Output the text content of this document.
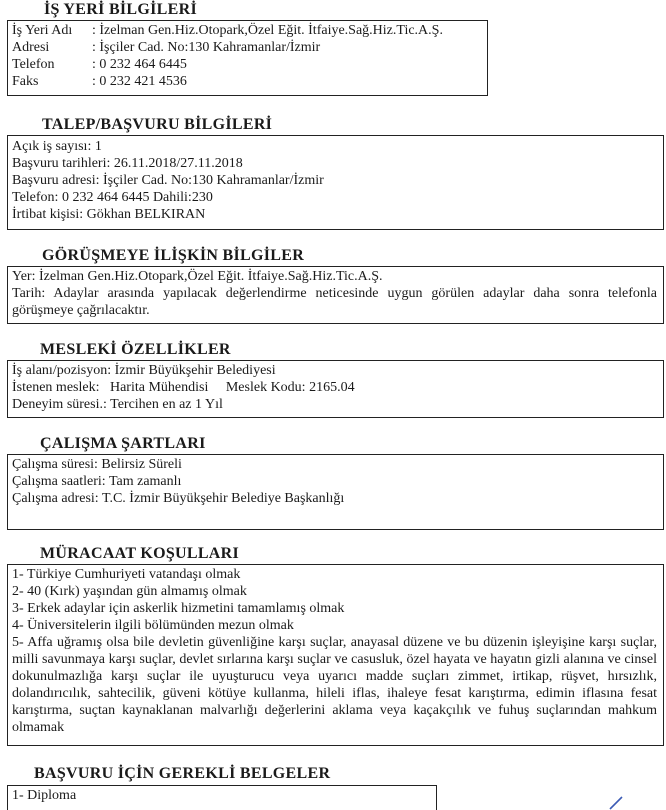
İŞ YERİ BİLGİLERİ
İş Yeri Adı	: İzelman Gen.Hiz.Otopark,Özel Eğit. İtfaiye.Sağ.Hiz.Tic.A.Ş.
Adresi	: İşçiler Cad. No:130 Kahramanlar/İzmir
Telefon	: 0 232 464 6445
Faks	: 0 232 421 4536
TALEP/BAŞVURU BİLGİLERİ
Açık iş sayısı: 1
Başvuru tarihleri: 26.11.2018/27.11.2018
Başvuru adresi: İşçiler Cad. No:130 Kahramanlar/İzmir
Telefon: 0 232 464 6445 Dahili:230
İrtibat kişisi: Gökhan BELKIRAN
GÖRÜŞMEYE İLİŞKİN BİLGİLER
Yer: İzelman Gen.Hiz.Otopark,Özel Eğit. İtfaiye.Sağ.Hiz.Tic.A.Ş.
Tarih: Adaylar arasında yapılacak değerlendirme neticesinde uygun görülen adaylar daha sonra telefonla görüşmeye çağrılacaktır.
MESLEKİ ÖZELLİKLER
İş alanı/pozisyon: İzmir Büyükşehir Belediyesi
İstenen meslek: Harita Mühendisi Meslek Kodu: 2165.04
Deneyim süresi.: Tercihen en az 1 Yıl
ÇALIŞMA ŞARTLARI
Çalışma süresi: Belirsiz Süreli
Çalışma saatleri: Tam zamanlı
Çalışma adresi: T.C. İzmir Büyükşehir Belediye Başkanlığı
MÜRACAAT KOŞULLARI
1- Türkiye Cumhuriyeti vatandaşı olmak
2- 40 (Kırk) yaşından gün almamış olmak
3- Erkek adaylar için askerlik hizmetini tamamlamış olmak
4- Üniversitelerin ilgili bölümünden mezun olmak
5- Affa uğramış olsa bile devletin güvenliğine karşı suçlar, anayasal düzene ve bu düzenin işleyişine karşı suçlar, milli savunmaya karşı suçlar, devlet sırlarına karşı suçlar ve casusluk, özel hayata ve hayatın gizli alanına ve cinsel dokunulmazlığa karşı suçlar ile uyuşturucu veya uyarıcı madde suçları zimmet, irtikap, rüşvet, hırsızlık, dolandırıcılık, sahtecilik, güveni kötüye kullanma, hileli iflas, ihaleye fesat karıştırma, edimin iflasına fesat karıştırma, suçtan kaynaklanan malvarlığı değerlerini aklama veya kaçakçılık ve fuhuş suçlarından mahkum olmamak
BAŞVURU İÇİN GEREKLİ BELGELER
1- Diploma
